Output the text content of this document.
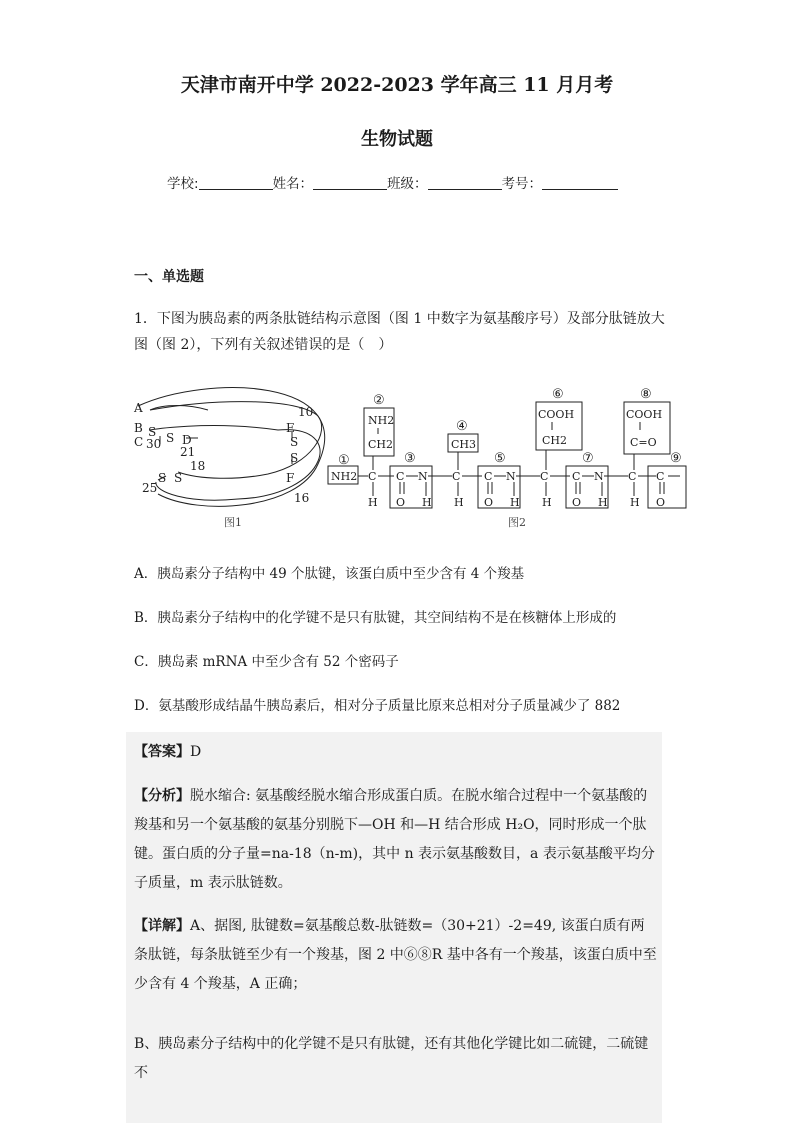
天津市南开中学 2022-2023 学年高三 11 月月考
生物试题
学校:	姓名：	班级：	考号：
一、单选题
1．下图为胰岛素的两条肽链结构示意图（图 1 中数字为氨基酸序号）及部分肽链放大图（图 2），下列有关叙述错误的是（　）
A
B
C 30
S S D
21
18
S S
25
10
E
S
S
F
16
图1
①
②
③
④
⑤
⑥
⑦
⑧
⑨
NH2
NH2
CH2	CH3
COOH
CH2
COOH
C=O
C	N
C	C C N C C N C C
H O H H O H H O H H O
图2
A．胰岛素分子结构中 49 个肽键，该蛋白质中至少含有 4 个羧基
B．胰岛素分子结构中的化学键不是只有肽键，其空间结构不是在核糖体上形成的
C．胰岛素 mRNA 中至少含有 52 个密码子
D．氨基酸形成结晶牛胰岛素后，相对分子质量比原来总相对分子质量减少了 882
【答案】D
【分析】脱水缩合: 氨基酸经脱水缩合形成蛋白质。在脱水缩合过程中一个氨基酸的羧基和另一个氨基酸的氨基分别脱下—OH 和—H 结合形成 H₂O，同时形成一个肽键。蛋白质的分子量=na-18（n-m)，其中 n 表示氨基酸数目，a 表示氨基酸平均分子质量，m 表示肽链数。
【详解】A、据图, 肽键数=氨基酸总数-肽链数=（30+21）-2=49, 该蛋白质有两条肽链，每条肽链至少有一个羧基，图 2 中⑥⑧R 基中各有一个羧基，该蛋白质中至少含有 4 个羧基，A 正确；
B、胰岛素分子结构中的化学键不是只有肽键，还有其他化学键比如二硫键，二硫键不
